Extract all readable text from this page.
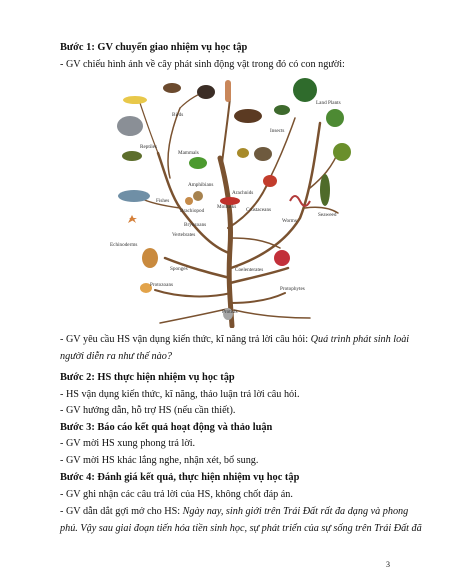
Bước 1: GV chuyển giao nhiệm vụ học tập
- GV chiếu hình ảnh về cây phát sinh động vật trong đó có con người:
Birds
Land Plants
Insects
Reptiles
Mammals
Amphibians
Arachnids
Fishes
Mollusks Crustaceans
Brachiopod
Bryozoans
Vertebrates
Worms
Seaweed
Echinoderms
Sponges	Coelenterates
Protozoans
Protophytes
Protists
- GV yêu cầu HS vận dụng kiến thức, kĩ năng trả lời câu hỏi: Quá trình phát sinh loài
người diễn ra như thế nào?
Bước 2: HS thực hiện nhiệm vụ học tập
- HS vận dụng kiến thức, kĩ năng, thảo luận trả lời câu hỏi.
- GV hướng dẫn, hỗ trợ HS (nếu cần thiết).
Bước 3: Báo cáo kết quả hoạt động và thảo luận
- GV mời HS xung phong trả lời.
- GV mời HS khác lắng nghe, nhận xét, bổ sung.
Bước 4: Đánh giá kết quả, thực hiện nhiệm vụ học tập
- GV ghi nhận các câu trả lời của HS, không chốt đáp án.
- GV dẫn dắt gợi mở cho HS: Ngày nay, sinh giới trên Trái Đất rất đa dạng và phong
phú. Vậy sau giai đoạn tiến hóa tiền sinh học, sự phát triển của sự sống trên Trái Đất đã
3
